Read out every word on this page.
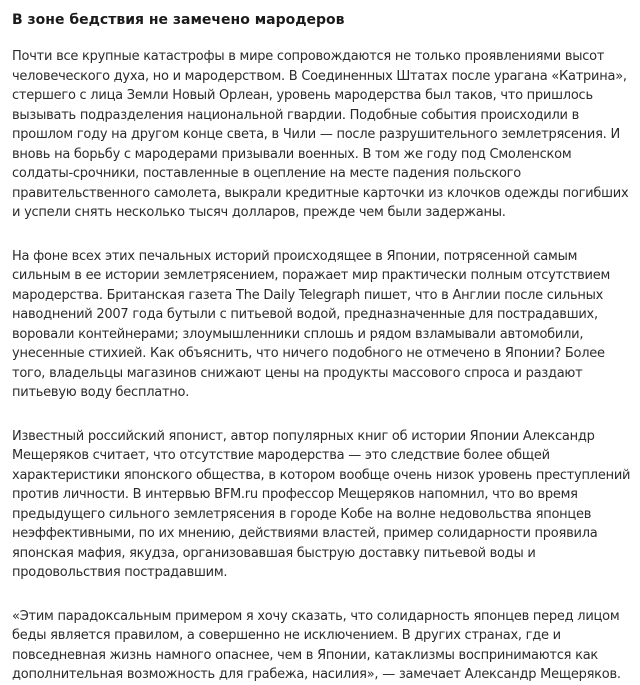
В зоне бедствия не замечено мародеров

Почти все крупные катастрофы в мире сопровождаются не только проявлениями высот человеческого духа, но и мародерством. В Соединенных Штатах после урагана «Катрина», стершего с лица Земли Новый Орлеан, уровень мародерства был таков, что пришлось вызывать подразделения национальной гвардии. Подобные события происходили в прошлом году на другом конце света, в Чили — после разрушительного землетрясения. И вновь на борьбу с мародерами призывали военных. В том же году под Смоленском солдаты-срочники, поставленные в оцепление на месте падения польского правительственного самолета, выкрали кредитные карточки из клочков одежды погибших и успели снять несколько тысяч долларов, прежде чем были задержаны.

На фоне всех этих печальных историй происходящее в Японии, потрясенной самым сильным в ее истории землетрясением, поражает мир практически полным отсутствием мародерства. Британская газета The Daily Telegraph пишет, что в Англии после сильных наводнений 2007 года бутыли с питьевой водой, предназначенные для пострадавших, воровали контейнерами; злоумышленники сплошь и рядом взламывали автомобили, унесенные стихией. Как объяснить, что ничего подобного не отмечено в Японии? Более того, владельцы магазинов снижают цены на продукты массового спроса и раздают питьевую воду бесплатно.

Известный российский японист, автор популярных книг об истории Японии Александр Мещеряков считает, что отсутствие мародерства — это следствие более общей характеристики японского общества, в котором вообще очень низок уровень преступлений против личности. В интервью BFM.ru профессор Мещеряков напомнил, что во время предыдущего сильного землетрясения в городе Кобе на волне недовольства японцев неэффективными, по их мнению, действиями властей, пример солидарности проявила японская мафия, якудза, организовавшая быструю доставку питьевой воды и продовольствия пострадавшим.

«Этим парадоксальным примером я хочу сказать, что солидарность японцев перед лицом беды является правилом, а совершенно не исключением. В других странах, где и повседневная жизнь намного опаснее, чем в Японии, катаклизмы воспринимаются как дополнительная возможность для грабежа, насилия», — замечает Александр Мещеряков.
